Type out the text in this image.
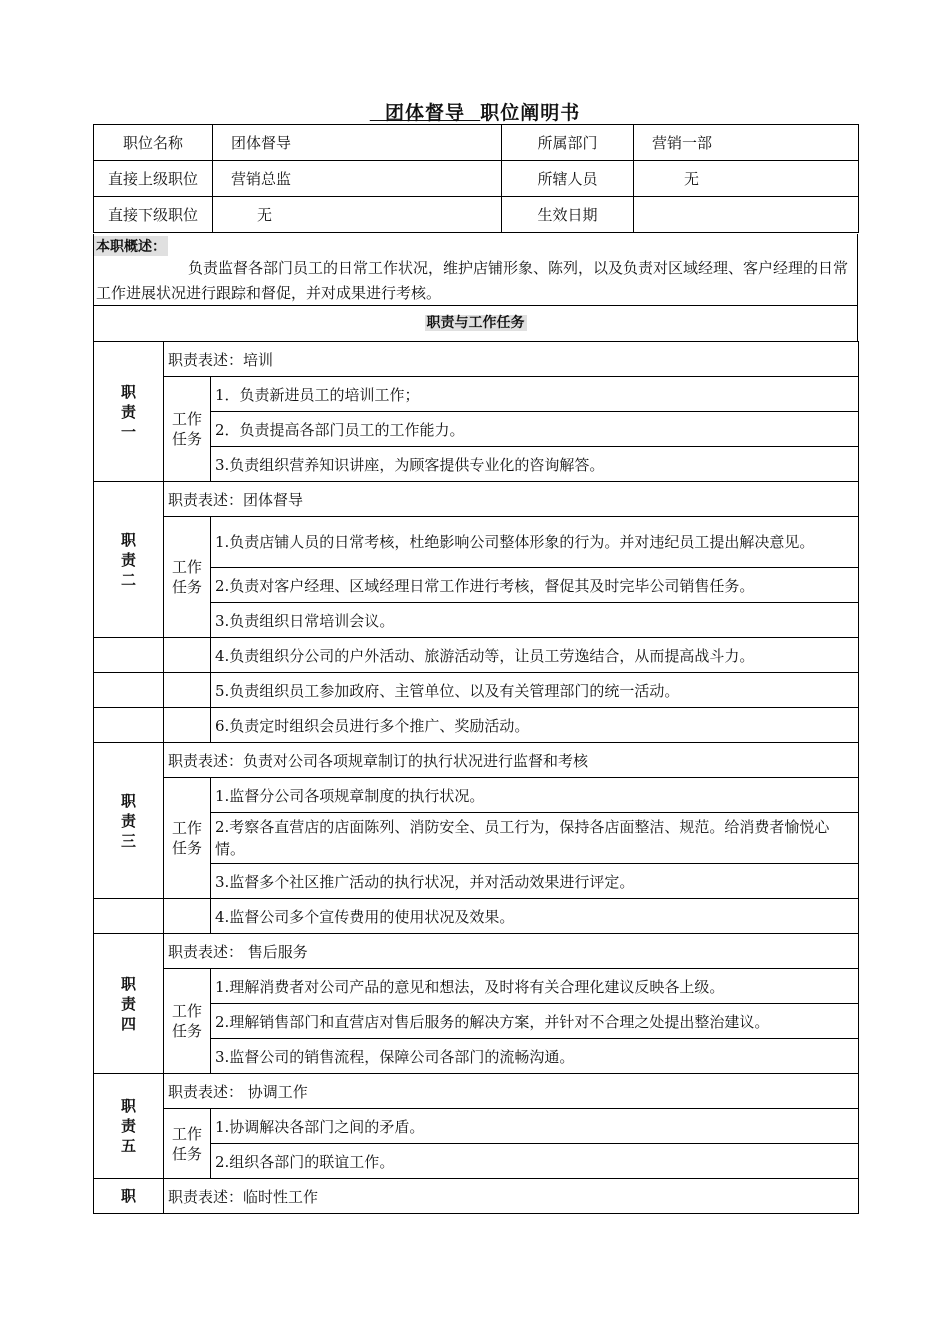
团体督导  职位阐明书
职位名称	团体督导	所属部门	营销一部
直接上级职位	营销总监	所辖人员	无
直接下级职位	无	生效日期	
本职概述：
负责监督各部门员工的日常工作状况，维护店铺形象、陈列，以及负责对区域经理、客户经理的日常工作进展状况进行跟踪和督促，并对成果进行考核。
职责与工作任务
职责一	职责表述：培训	
	工作任务	1．负责新进员工的培训工作；
		2．负责提高各部门员工的工作能力。
		3.负责组织营养知识讲座，为顾客提供专业化的咨询解答。
职责二	职责表述：团体督导	
	工作任务	1.负责店铺人员的日常考核，杜绝影响公司整体形象的行为。并对违纪员工提出解决意见。
		2.负责对客户经理、区域经理日常工作进行考核，督促其及时完毕公司销售任务。
		3.负责组织日常培训会议。
		4.负责组织分公司的户外活动、旅游活动等，让员工劳逸结合，从而提高战斗力。
		5.负责组织员工参加政府、主管单位、以及有关管理部门的统一活动。
		6.负责定时组织会员进行多个推广、奖励活动。
职责三	职责表述：负责对公司各项规章制订的执行状况进行监督和考核	
	工作任务	1.监督分公司各项规章制度的执行状况。
		2.考察各直营店的店面陈列、消防安全、员工行为，保持各店面整洁、规范。给消费者愉悦心情。
		3.监督多个社区推广活动的执行状况，并对活动效果进行评定。
		4.监督公司多个宣传费用的使用状况及效果。
职责四	职责表述： 售后服务	
	工作任务	1.理解消费者对公司产品的意见和想法，及时将有关合理化建议反映各上级。
		2.理解销售部门和直营店对售后服务的解决方案，并针对不合理之处提出整治建议。
		3.监督公司的销售流程，保障公司各部门的流畅沟通。
职责五	职责表述： 协调工作	
	工作任务	1.协调解决各部门之间的矛盾。
		2.组织各部门的联谊工作。
职	职责表述：临时性工作	
